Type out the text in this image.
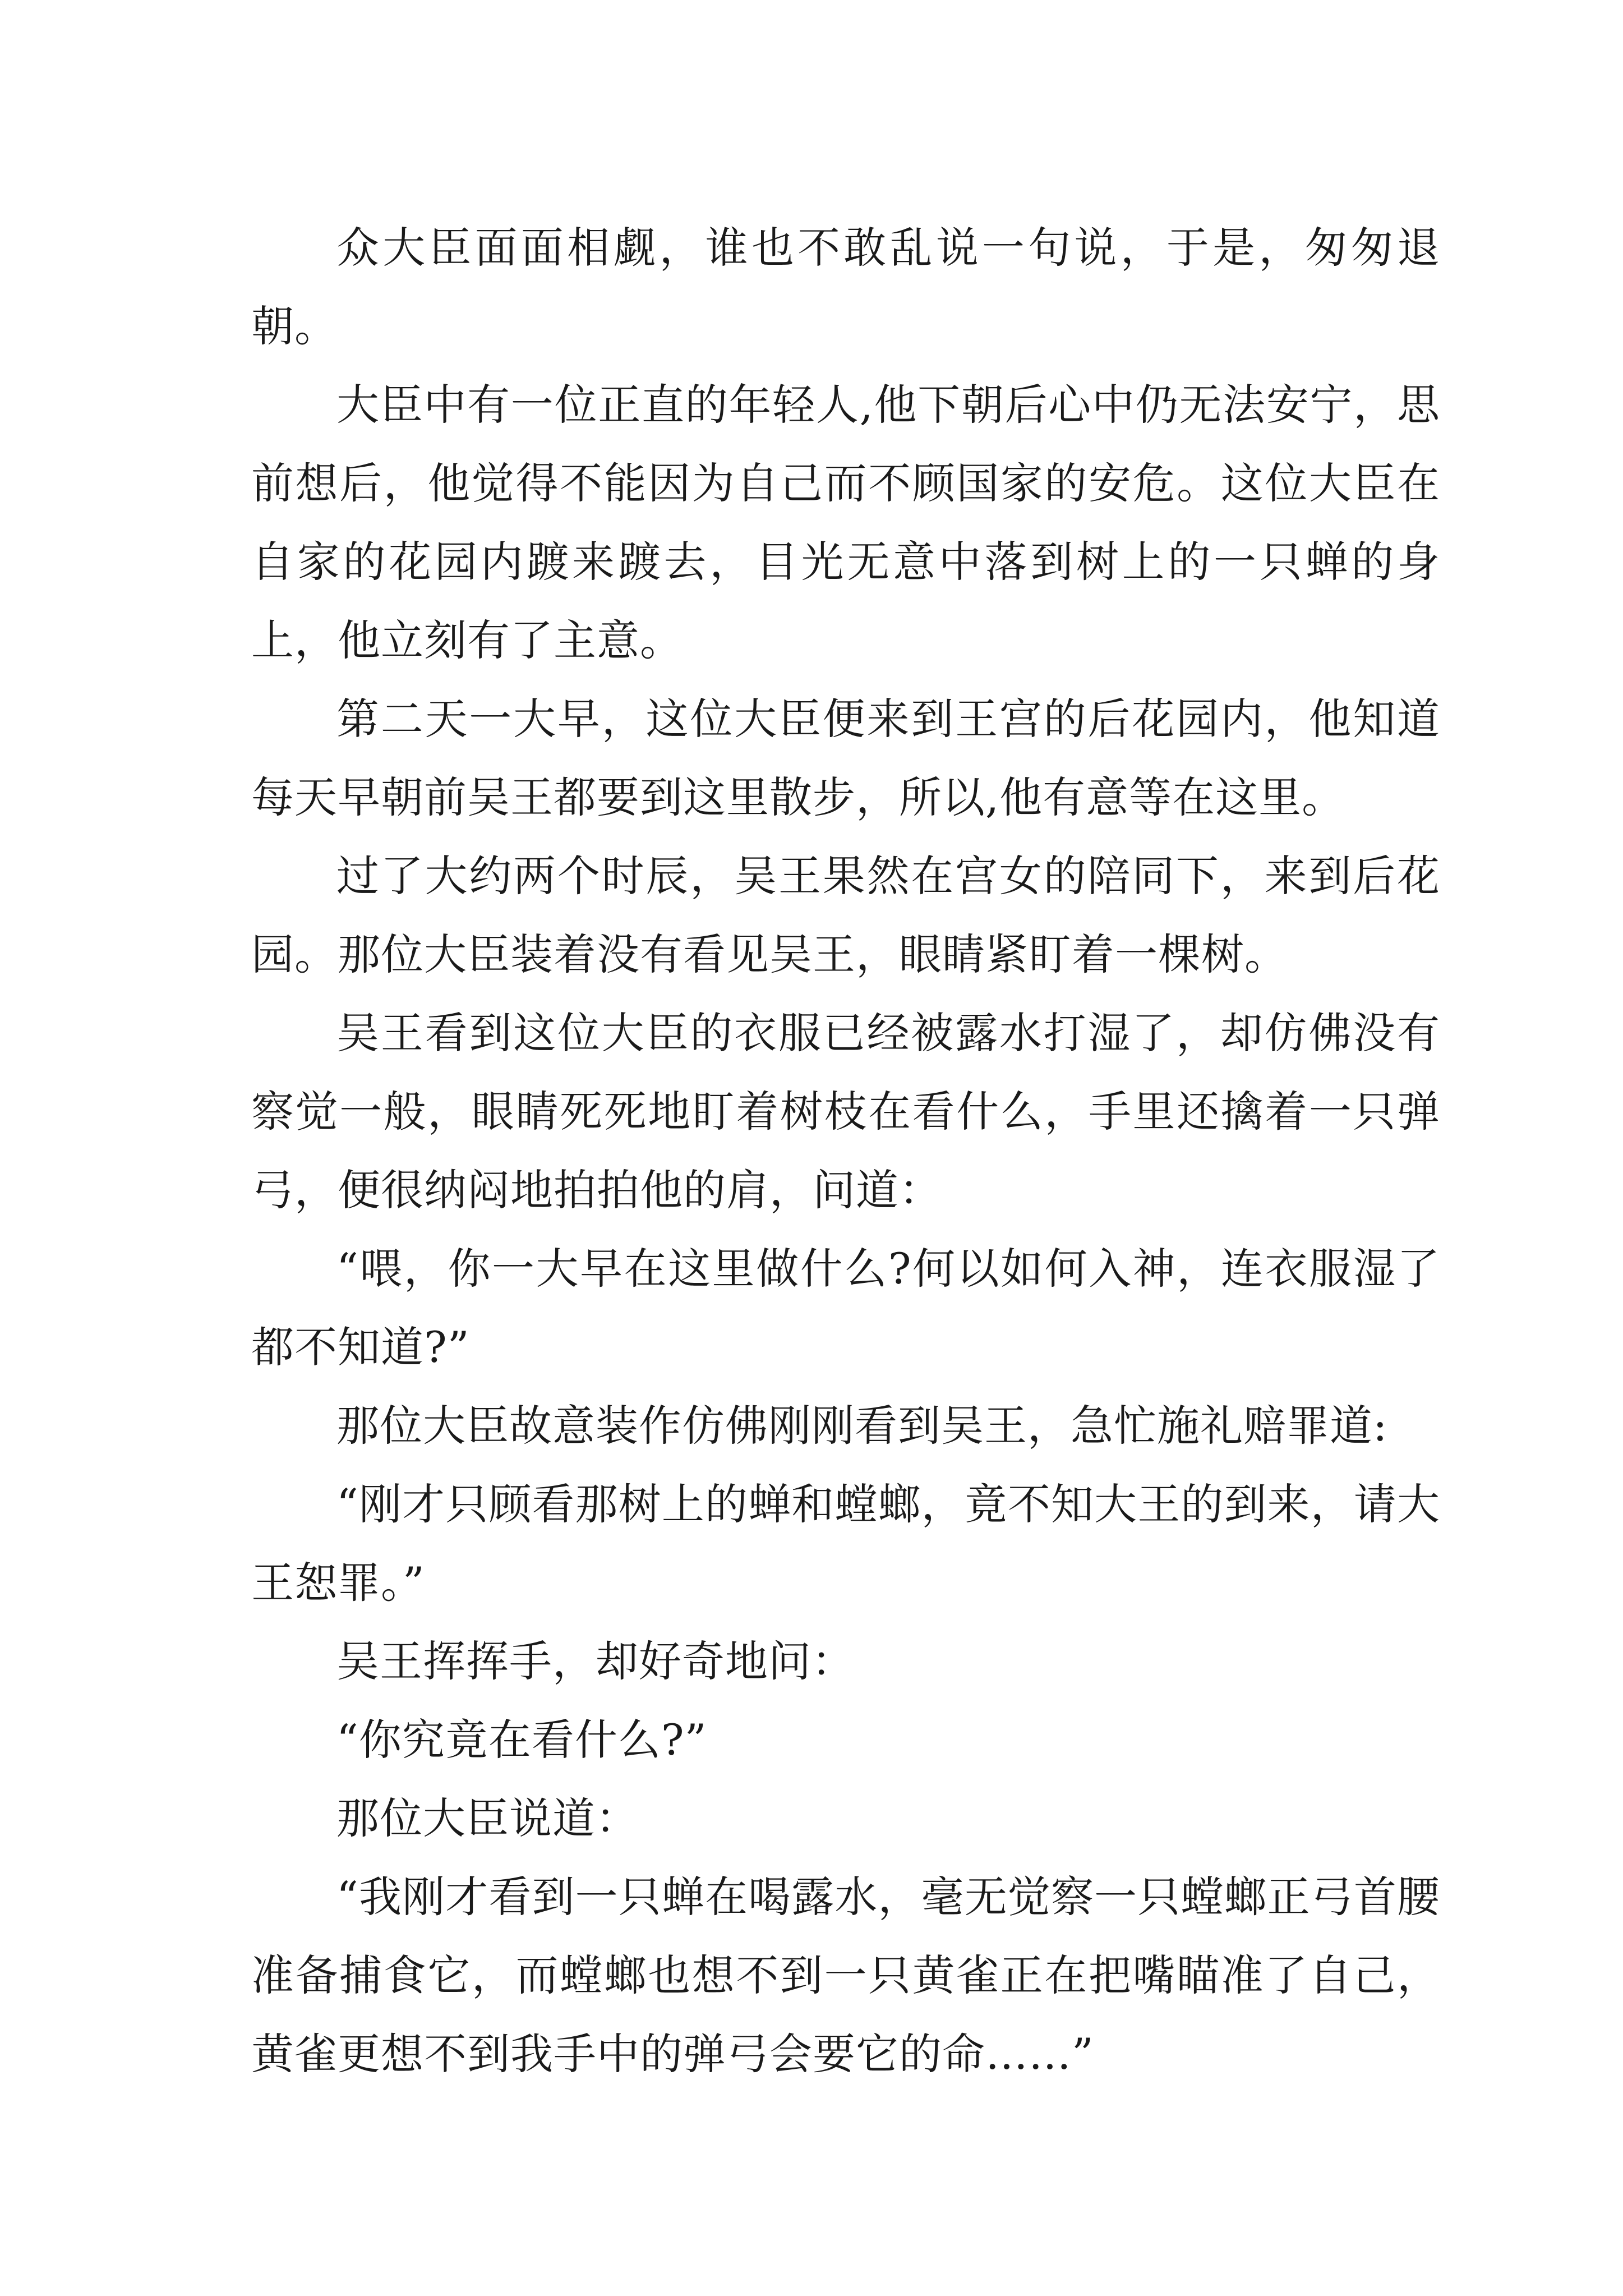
众大臣面面相觑，谁也不敢乱说一句说，于是，匆匆退朝。

大臣中有一位正直的年轻人,他下朝后心中仍无法安宁，思前想后，他觉得不能因为自己而不顾国家的安危。这位大臣在自家的花园内踱来踱去，目光无意中落到树上的一只蝉的身上，他立刻有了主意。

第二天一大早，这位大臣便来到王宫的后花园内，他知道每天早朝前吴王都要到这里散步，所以,他有意等在这里。

过了大约两个时辰，吴王果然在宫女的陪同下，来到后花园。那位大臣装着没有看见吴王，眼睛紧盯着一棵树。

吴王看到这位大臣的衣服已经被露水打湿了，却仿佛没有察觉一般，眼睛死死地盯着树枝在看什么，手里还擒着一只弹弓，便很纳闷地拍拍他的肩，问道：

“喂，你一大早在这里做什么?何以如何入神，连衣服湿了都不知道?”

那位大臣故意装作仿佛刚刚看到吴王，急忙施礼赔罪道:

“刚才只顾看那树上的蝉和螳螂，竟不知大王的到来，请大王恕罪。”

吴王挥挥手，却好奇地问：

“你究竟在看什么?”

那位大臣说道：

“我刚才看到一只蝉在喝露水，毫无觉察一只螳螂正弓首腰准备捕食它，而螳螂也想不到一只黄雀正在把嘴瞄准了自己，黄雀更想不到我手中的弹弓会要它的命……”
